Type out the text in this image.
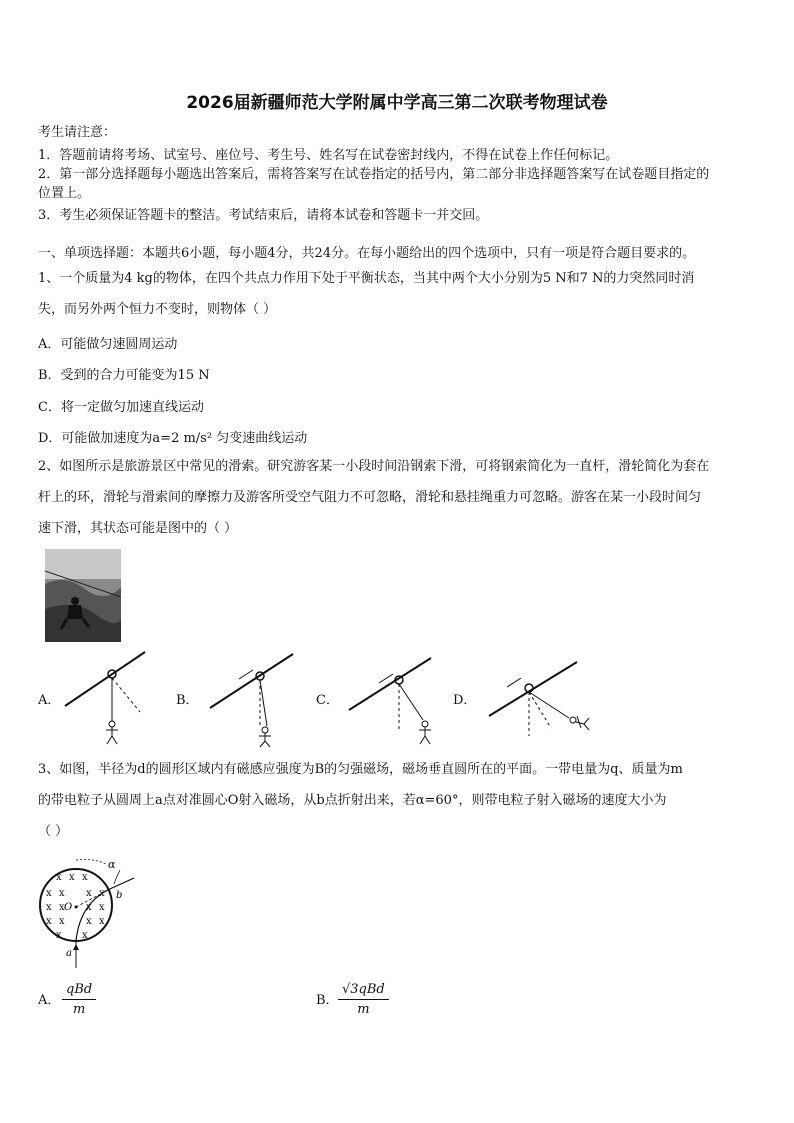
2026届新疆师范大学附属中学高三第二次联考物理试卷
考生请注意：
1．答题前请将考场、试室号、座位号、考生号、姓名写在试卷密封线内，不得在试卷上作任何标记。
2．第一部分选择题每小题选出答案后，需将答案写在试卷指定的括号内，第二部分非选择题答案写在试卷题目指定的
位置上。
3．考生必须保证答题卡的整洁。考试结束后，请将本试卷和答题卡一并交回。
一、单项选择题：本题共6小题，每小题4分，共24分。在每小题给出的四个选项中，只有一项是符合题目要求的。
1、一个质量为4 kg的物体，在四个共点力作用下处于平衡状态，当其中两个大小分别为5 N和7 N的力突然同时消
失，而另外两个恒力不变时，则物体（ ）
A．可能做匀速圆周运动
B．受到的合力可能变为15 N
C．将一定做匀加速直线运动
D．可能做加速度为a=2 m/s² 匀变速曲线运动
2、如图所示是旅游景区中常见的滑索。研究游客某一小段时间沿钢索下滑，可将钢索简化为一直杆，滑轮简化为套在
杆上的环，滑轮与滑索间的摩擦力及游客所受空气阻力不可忽略，滑轮和悬挂绳重力可忽略。游客在某一小段时间匀
速下滑，其状态可能是图中的（ ）
A．	B．	C．	D．
3、如图，半径为d的圆形区域内有磁感应强度为B的匀强磁场，磁场垂直圆所在的平面。一带电量为q、质量为m
的带电粒子从圆周上a点对准圆心O射入磁场，从b点折射出来，若α=60°，则带电粒子射入磁场的速度大小为
（ ）
x x x
x x x x
x x x x
x x x x
x x
O
a
b
α
A． $\frac{\text{qBd}}{m}$	B． $\frac{\text{√3qBd}}{m}$
